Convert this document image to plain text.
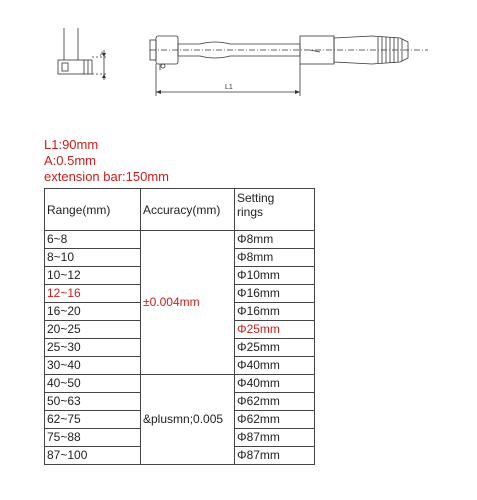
A
L1
L1:90mm
A:0.5mm
extension bar:150mm
Range(mm)	Accuracy(mm)	Setting
rings
6~8	±0.004mm	Φ8mm
8~10		Φ8mm
10~12		Φ10mm
12~16		Φ16mm
16~20		Φ16mm
20~25		Φ25mm
25~30		Φ25mm
30~40		Φ40mm
40~50	&plusmn;0.005	Φ40mm
50~63		Φ62mm
62~75		Φ62mm
75~88		Φ87mm
87~100		Φ87mm
